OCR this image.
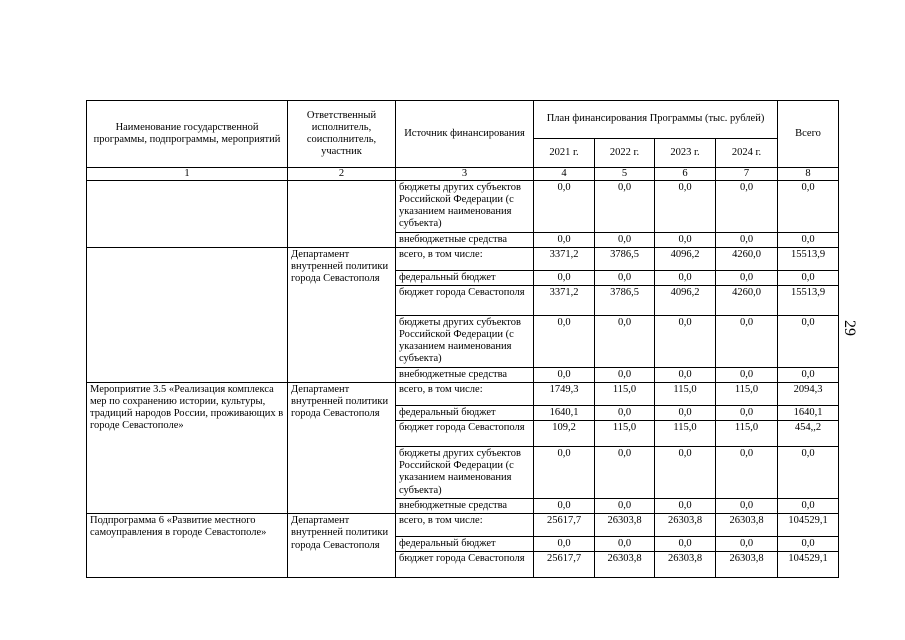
29
Наименование государственной программы, подпрограммы, мероприятий	Ответственный исполнитель, соисполнитель, участник	Источник финансирования	План финансирования Программы (тыс. рублей)				Всего
			2021 г.	2022 г.	2023 г.	2024 г.	
1	2	3	4	5	6	7	8
		бюджеты других субъектов Российской Федерации (с указанием наименования субъекта)	0,0	0,0	0,0	0,0	0,0
		внебюджетные средства	0,0	0,0	0,0	0,0	0,0
	Департамент внутренней политики города Севастополя	всего, в том числе:	3371,2	3786,5	4096,2	4260,0	15513,9
		федеральный бюджет	0,0	0,0	0,0	0,0	0,0
		бюджет города Севастополя	3371,2	3786,5	4096,2	4260,0	15513,9
		бюджеты других субъектов Российской Федерации (с указанием наименования субъекта)	0,0	0,0	0,0	0,0	0,0
		внебюджетные средства	0,0	0,0	0,0	0,0	0,0
Мероприятие 3.5 «Реализация комплекса мер по сохранению истории, культуры, традиций народов России, проживающих в городе Севастополе»	Департамент внутренней политики города Севастополя	всего, в том числе:	1749,3	115,0	115,0	115,0	2094,3
		федеральный бюджет	1640,1	0,0	0,0	0,0	1640,1
		бюджет города Севастополя	109,2	115,0	115,0	115,0	454,,2
		бюджеты других субъектов Российской Федерации (с указанием наименования субъекта)	0,0	0,0	0,0	0,0	0,0
		внебюджетные средства	0,0	0,0	0,0	0,0	0,0
Подпрограмма 6 «Развитие местного самоуправления в городе Севастополе»	Департамент внутренней политики города Севастополя	всего, в том числе:	25617,7	26303,8	26303,8	26303,8	104529,1
		федеральный бюджет	0,0	0,0	0,0	0,0	0,0
		бюджет города Севастополя	25617,7	26303,8	26303,8	26303,8	104529,1
